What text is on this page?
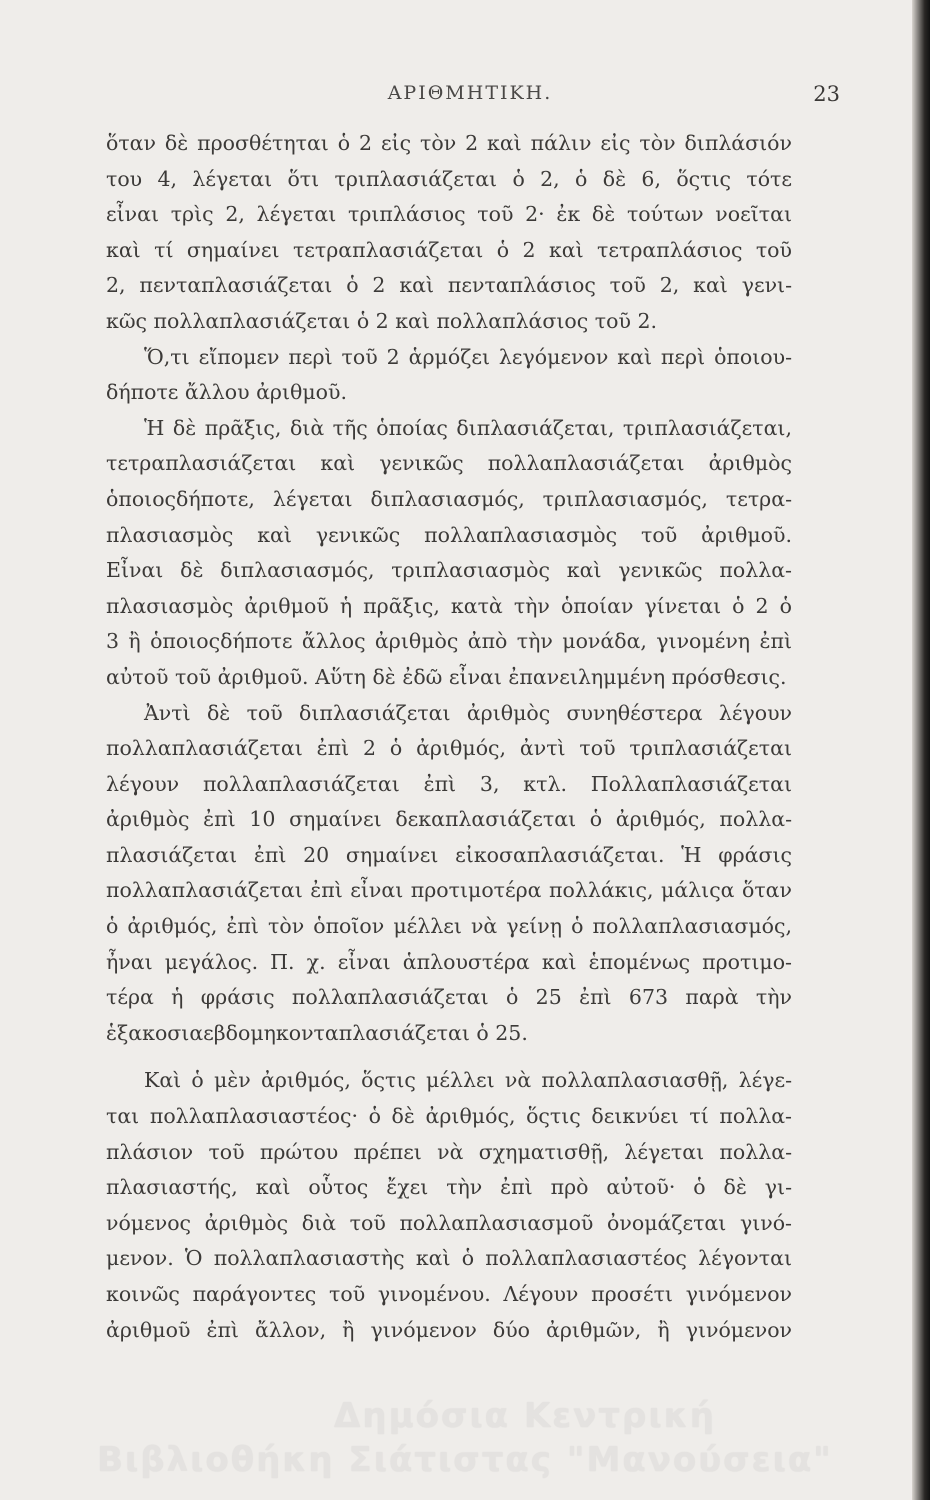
ΑΡΙΘΜΗΤΙΚΗ.	23
ὅταν δὲ προσθέτηται ὁ 2 εἰς τὸν 2 καὶ πάλιν εἰς τὸν διπλάσιόν
του 4, λέγεται ὅτι τριπλασιάζεται ὁ 2, ὁ δὲ 6, ὅςτις τότε
εἶναι τρὶς 2, λέγεται τριπλάσιος τοῦ 2· ἐκ δὲ τούτων νοεῖται
καὶ τί σημαίνει τετραπλασιάζεται ὁ 2 καὶ τετραπλάσιος τοῦ
2, πενταπλασιάζεται ὁ 2 καὶ πενταπλάσιος τοῦ 2, καὶ γενι-
κῶς πολλαπλασιάζεται ὁ 2 καὶ πολλαπλάσιος τοῦ 2.
Ὅ,τι εἴπομεν περὶ τοῦ 2 ἁρμόζει λεγόμενον καὶ περὶ ὁποιου-
δήποτε ἄλλου ἀριθμοῦ.
Ἡ δὲ πρᾶξις, διὰ τῆς ὁποίας διπλασιάζεται, τριπλασιάζεται,
τετραπλασιάζεται καὶ γενικῶς πολλαπλασιάζεται ἀριθμὸς
ὁποιοςδήποτε, λέγεται διπλασιασμός, τριπλασιασμός, τετρα-
πλασιασμὸς καὶ γενικῶς πολλαπλασιασμὸς τοῦ ἀριθμοῦ.
Εἶναι δὲ διπλασιασμός, τριπλασιασμὸς καὶ γενικῶς πολλα-
πλασιασμὸς ἀριθμοῦ ἡ πρᾶξις, κατὰ τὴν ὁποίαν γίνεται ὁ 2 ὁ
3 ἢ ὁποιοςδήποτε ἄλλος ἀριθμὸς ἀπὸ τὴν μονάδα, γινομένη ἐπὶ
αὐτοῦ τοῦ ἀριθμοῦ. Αὕτη δὲ ἐδῶ εἶναι ἐπανειλημμένη πρόσθεσις.
Ἀντὶ δὲ τοῦ διπλασιάζεται ἀριθμὸς συνηθέστερα λέγουν
πολλαπλασιάζεται ἐπὶ 2 ὁ ἀριθμός, ἀντὶ τοῦ τριπλασιάζεται
λέγουν πολλαπλασιάζεται ἐπὶ 3, κτλ. Πολλαπλασιάζεται
ἀριθμὸς ἐπὶ 10 σημαίνει δεκαπλασιάζεται ὁ ἀριθμός, πολλα-
πλασιάζεται ἐπὶ 20 σημαίνει εἰκοσαπλασιάζεται. Ἡ φράσις
πολλαπλασιάζεται ἐπὶ εἶναι προτιμοτέρα πολλάκις, μάλιςα ὅταν
ὁ ἀριθμός, ἐπὶ τὸν ὁποῖον μέλλει νὰ γείνῃ ὁ πολλαπλασιασμός,
ἦναι μεγάλος. Π. χ. εἶναι ἁπλουστέρα καὶ ἑπομένως προτιμο-
τέρα ἡ φράσις πολλαπλασιάζεται ὁ 25 ἐπὶ 673 παρὰ τὴν
ἑξακοσιαεβδομηκονταπλασιάζεται ὁ 25.
Καὶ ὁ μὲν ἀριθμός, ὅςτις μέλλει νὰ πολλαπλασιασθῇ, λέγε-
ται πολλαπλασιαστέος· ὁ δὲ ἀριθμός, ὅςτις δεικνύει τί πολλα-
πλάσιον τοῦ πρώτου πρέπει νὰ σχηματισθῇ, λέγεται πολλα-
πλασιαστής, καὶ οὗτος ἔχει τὴν ἐπὶ πρὸ αὐτοῦ· ὁ δὲ γι-
νόμενος ἀριθμὸς διὰ τοῦ πολλαπλασιασμοῦ ὀνομάζεται γινό-
μενον. Ὁ πολλαπλασιαστὴς καὶ ὁ πολλαπλασιαστέος λέγονται
κοινῶς παράγοντες τοῦ γινομένου. Λέγουν προσέτι γινόμενον
ἀριθμοῦ ἐπὶ ἄλλον, ἢ γινόμενον δύο ἀριθμῶν, ἢ γινόμενον
Δημόσια Κεντρική
Βιβλιοθήκη Σιάτιστας "Μανούσεια"
